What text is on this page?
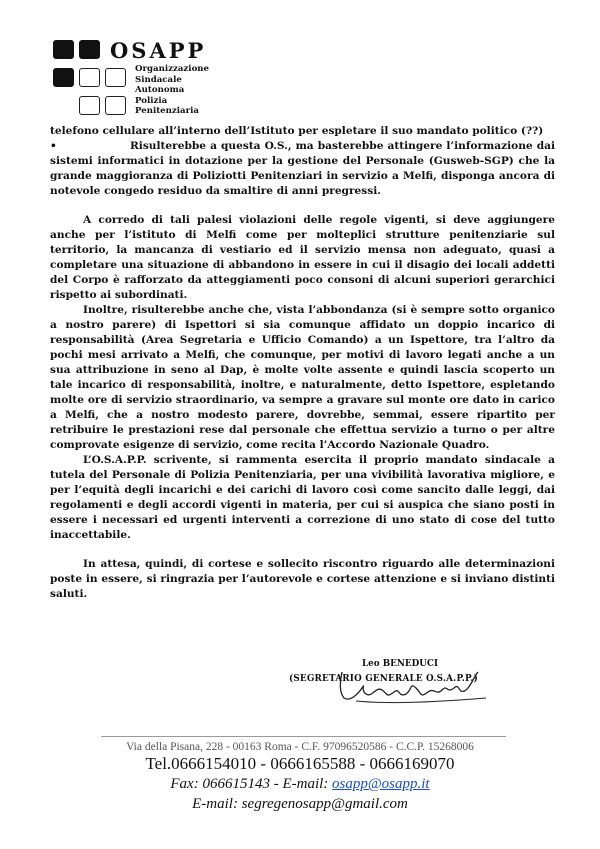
OSAPP
Organizzazione
Sindacale
Autonoma
Polizia
Penitenziaria

telefono cellulare all’interno dell’Istituto per espletare il suo mandato politico (??)

•	Risulterebbe a questa O.S., ma basterebbe attingere l’informazione dai sistemi informatici in dotazione per la gestione del Personale (Gusweb-SGP) che la grande maggioranza di Poliziotti Penitenziari in servizio a Melfi, disponga ancora di notevole congedo residuo da smaltire di anni pregressi.

A corredo di tali palesi violazioni delle regole vigenti, si deve aggiungere anche per l’istituto di Melfi come per molteplici strutture penitenziarie sul territorio, la mancanza di vestiario ed il servizio mensa non adeguato, quasi a completare una situazione di abbandono in essere in cui il disagio dei locali addetti del Corpo è rafforzato da atteggiamenti poco consoni di alcuni superiori gerarchici rispetto ai subordinati.

Inoltre, risulterebbe anche che, vista l’abbondanza (si è sempre sotto organico a nostro parere) di Ispettori si sia comunque affidato un doppio incarico di responsabilità (Area Segretaria e Ufficio Comando) a un Ispettore, tra l’altro da pochi mesi arrivato a Melfi, che comunque, per motivi di lavoro legati anche a un sua attribuzione in seno al Dap, è molte volte assente e quindi lascia scoperto un tale incarico di responsabilità, inoltre, e naturalmente, detto Ispettore, espletando molte ore di servizio straordinario, va sempre a gravare sul monte ore dato in carico a Melfi, che a nostro modesto parere, dovrebbe, semmai, essere ripartito per retribuire le prestazioni rese dal personale che effettua servizio a turno o per altre comprovate esigenze di servizio, come recita l’Accordo Nazionale Quadro.

L’O.S.A.P.P. scrivente, si rammenta esercita il proprio mandato sindacale a tutela del Personale di Polizia Penitenziaria, per una vivibilità lavorativa migliore, e per l’equità degli incarichi e dei carichi di lavoro così come sancito dalle leggi, dai regolamenti e degli accordi vigenti in materia, per cui si auspica che siano posti in essere i necessari ed urgenti interventi a correzione di uno stato di cose del tutto inaccettabile.

In attesa, quindi, di cortese e sollecito riscontro riguardo alle determinazioni poste in essere, si ringrazia per l’autorevole e cortese attenzione e si inviano distinti saluti.

Leo BENEDUCI
(SEGRETARIO GENERALE O.S.A.P.P.)
Via della Pisana, 228 - 00163 Roma - C.F. 97096520586 - C.C.P. 15268006
Tel.0666154010 - 0666165588 - 0666169070
Fax: 066615143 - E-mail: osapp@osapp.it
E-mail: segregenosapp@gmail.com
